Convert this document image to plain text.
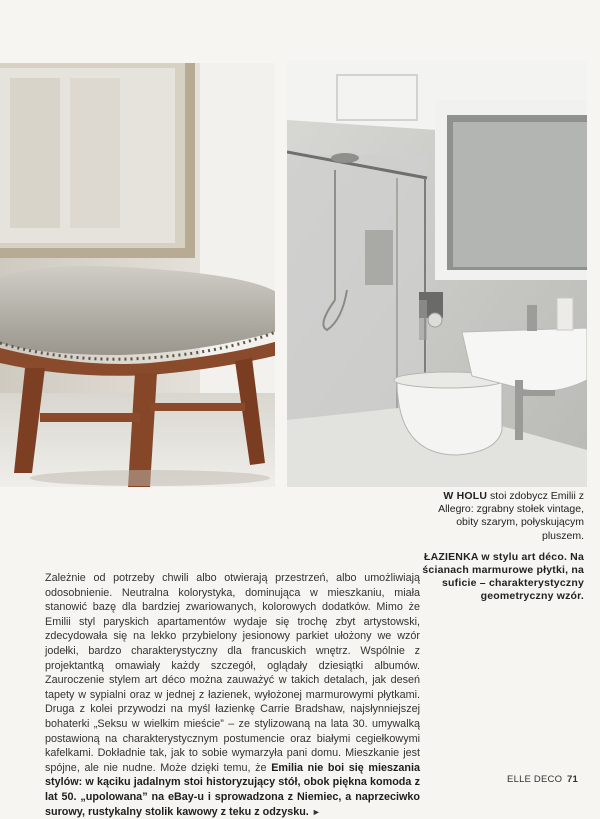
W HOLU stoi zdobycz Emilii z Allegro: zgrabny stołek vintage, obity szarym, połyskującym pluszem.

ŁAZIENKA w stylu art déco. Na ścianach marmurowe płytki, na suficie – charakterystyczny geometryczny wzór.

Zależnie od potrzeby chwili albo otwierają przestrzeń, albo umożliwiają odosobnienie. Neutralna kolorystyka, dominująca w mieszkaniu, miała stanowić bazę dla bardziej zwariowanych, kolorowych dodatków. Mimo że Emilii styl paryskich apartamentów wydaje się trochę zbyt artystowski, zdecydowała się na lekko przybielony jesionowy parkiet ułożony we wzór jodełki, bardzo charakterystyczny dla francuskich wnętrz. Wspólnie z projektantką omawiały każdy szczegół, oglądały dziesiątki albumów. Zauroczenie stylem art déco można zauważyć w takich detalach, jak deseń tapety w sypialni oraz w jednej z łazienek, wyłożonej marmurowymi płytkami. Druga z kolei przywodzi na myśl łazienkę Carrie Bradshaw, najsłynniejszej bohaterki „Seksu w wielkim mieście” – ze stylizowaną na lata 30. umywalką postawioną na charakterystycznym postumencie oraz białymi cegiełkowymi kafelkami. Dokładnie tak, jak to sobie wymarzyła pani domu. Mieszkanie jest spójne, ale nie nudne. Może dzięki temu, że Emilia nie boi się mieszania stylów: w kąciku jadalnym stoi historyzujący stół, obok piękna komoda z lat 50. „upolowana” na eBay-u i sprowadzona z Niemiec, a naprzeciwko surowy, rustykalny stolik kawowy z teku z odzysku. ►

ELLE DECO 71
